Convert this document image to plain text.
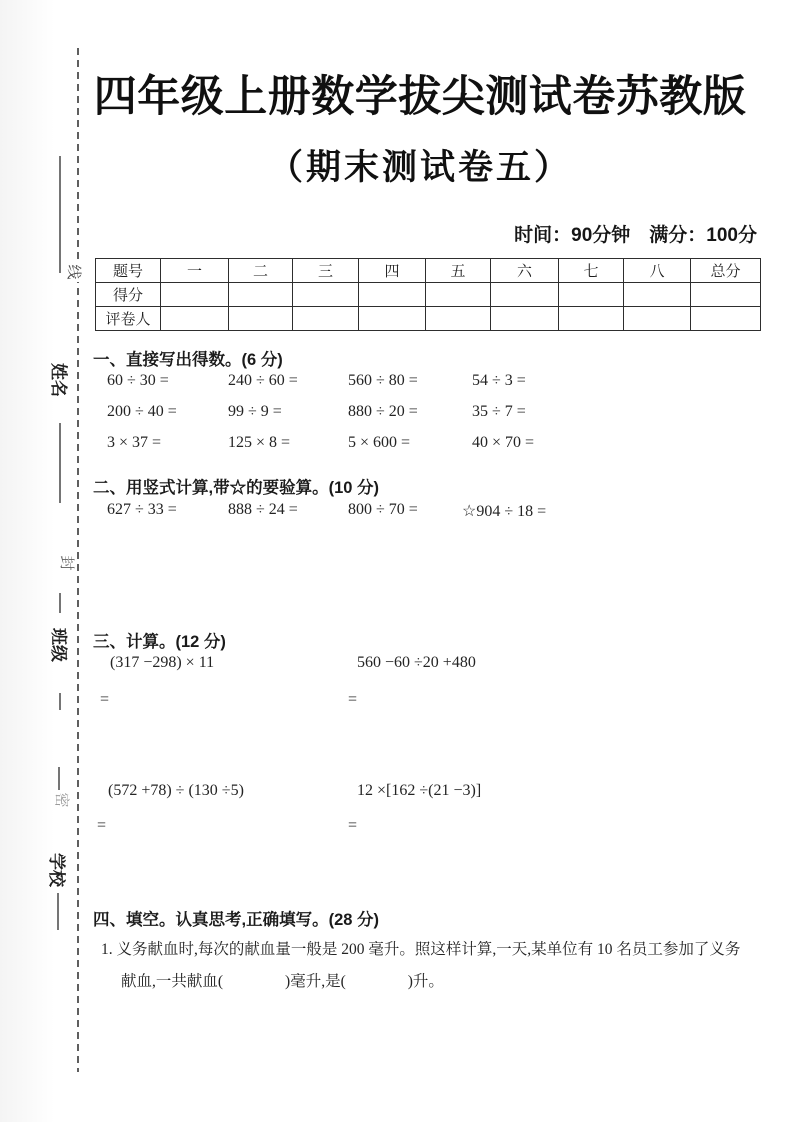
线
封
密
姓名
班级
学校
四年级上册数学拔尖测试卷苏教版
（期末测试卷五）
时间：90分钟　满分：100分
题号	一	二	三	四	五	六	七	八	总分
得分									
评卷人									
一、直接写出得数。(6 分)
60 ÷ 30 =	240 ÷ 60 =	560 ÷ 80 =	54 ÷ 3 =
200 ÷ 40 =	99 ÷ 9 =	880 ÷ 20 =	35 ÷ 7 =
3 × 37 =	125 × 8 =	5 × 600 =	40 × 70 =
二、用竖式计算,带☆的要验算。(10 分)
627 ÷ 33 =	888 ÷ 24 =	800 ÷ 70 =	☆904 ÷ 18 =
三、计算。(12 分)
(317 −298) × 11	560 −60 ÷20 +480
=	=
(572 +78) ÷ (130 ÷5)	12 ×[162 ÷(21 −3)]
=	=
四、填空。认真思考,正确填写。(28 分)
1. 义务献血时,每次的献血量一般是 200 毫升。照这样计算,一天,某单位有 10 名员工参加了义务
献血,一共献血(　　　　)毫升,是(　　　　)升。
